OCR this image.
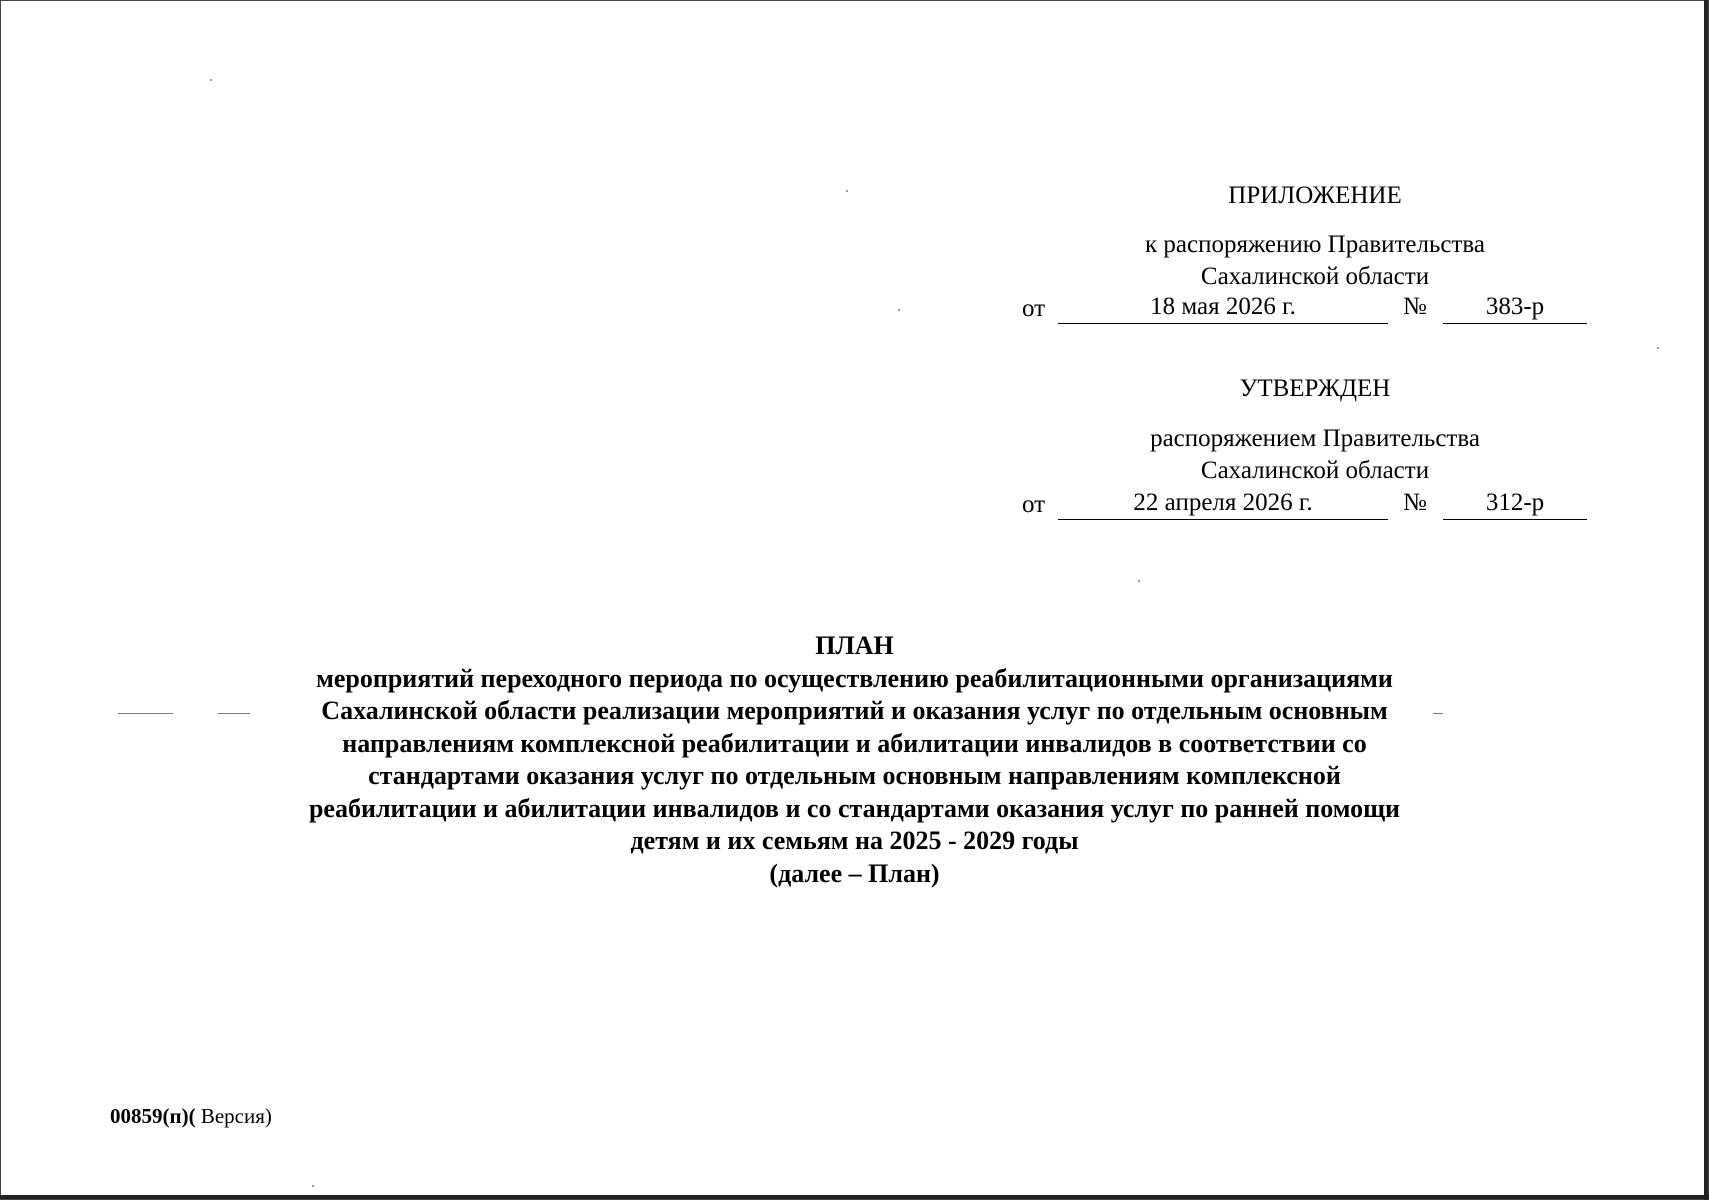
ПРИЛОЖЕНИЕ
к распоряжению Правительства
Сахалинской области
от	18 мая 2026 г.	№	383-р
УТВЕРЖДЕН
распоряжением Правительства
Сахалинской области
от	22 апреля 2026 г.	№	312-р
ПЛАН
мероприятий переходного периода по осуществлению реабилитационными организациями
Сахалинской области реализации мероприятий и оказания услуг по отдельным основным
направлениям комплексной реабилитации и абилитации инвалидов в соответствии со
стандартами оказания услуг по отдельным основным направлениям комплексной
реабилитации и абилитации инвалидов и со стандартами оказания услуг по ранней помощи
детям и их семьям на 2025 - 2029 годы
(далее – План)
00859(п)( Версия)
